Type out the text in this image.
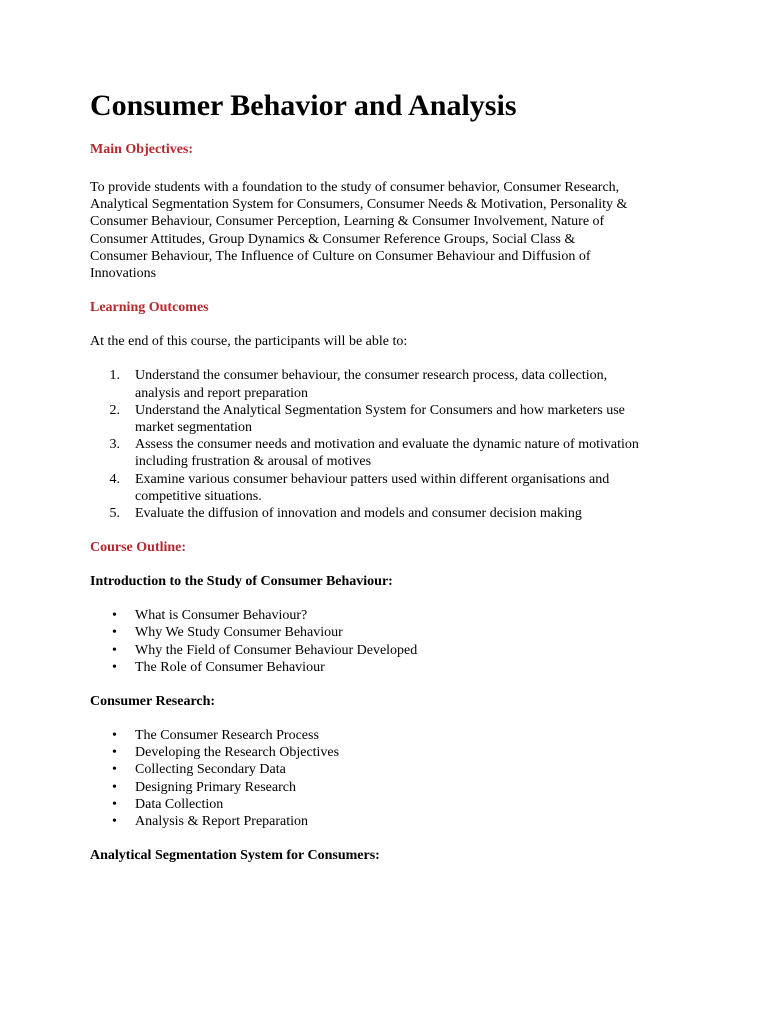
Consumer Behavior and Analysis

Main Objectives:

To provide students with a foundation to the study of consumer behavior, Consumer Research,
Analytical Segmentation System for Consumers, Consumer Needs & Motivation, Personality &
Consumer Behaviour, Consumer Perception, Learning & Consumer Involvement, Nature of
Consumer Attitudes, Group Dynamics & Consumer Reference Groups, Social Class &
Consumer Behaviour, The Influence of Culture on Consumer Behaviour and Diffusion of
Innovations

Learning Outcomes

At the end of this course, the participants will be able to:

1. Understand the consumer behaviour, the consumer research process, data collection,
analysis and report preparation
2. Understand the Analytical Segmentation System for Consumers and how marketers use
market segmentation
3. Assess the consumer needs and motivation and evaluate the dynamic nature of motivation
including frustration & arousal of motives
4. Examine various consumer behaviour patters used within different organisations and
competitive situations.
5. Evaluate the diffusion of innovation and models and consumer decision making

Course Outline:

Introduction to the Study of Consumer Behaviour:

• What is Consumer Behaviour?
• Why We Study Consumer Behaviour
• Why the Field of Consumer Behaviour Developed
• The Role of Consumer Behaviour

Consumer Research:

• The Consumer Research Process
• Developing the Research Objectives
• Collecting Secondary Data
• Designing Primary Research
• Data Collection
• Analysis & Report Preparation

Analytical Segmentation System for Consumers:
